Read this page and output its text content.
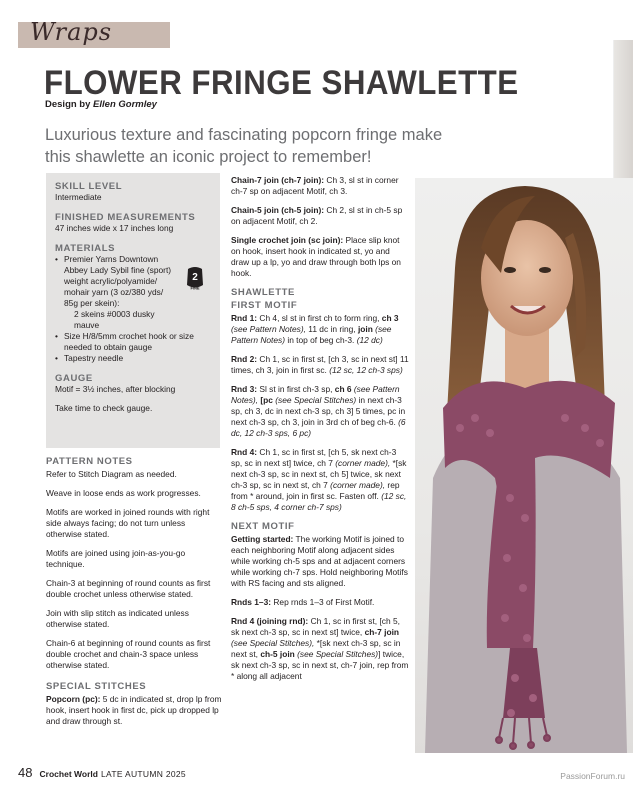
Wraps
FLOWER FRINGE SHAWLETTE
Design by Ellen Gormley

Luxurious texture and fascinating popcorn fringe make this shawlette an iconic project to remember!

SKILL LEVEL
Intermediate
FINISHED MEASUREMENTS
47 inches wide x 17 inches long
MATERIALS
• Premier Yarns Downtown Abbey Lady Sybil fine (sport) weight acrylic/polyamide/ mohair yarn (3 oz/380 yds/ 85g per skein):
2 skeins #0003 dusky mauve
• Size H/8/5mm crochet hook or size needed to obtain gauge
• Tapestry needle
GAUGE
Motif = 3½ inches, after blocking
Take time to check gauge.
2
FINE
PATTERN NOTES

Refer to Stitch Diagram as needed.

Weave in loose ends as work progresses.

Motifs are worked in joined rounds with right side always facing; do not turn unless otherwise stated.

Motifs are joined using join-as-you-go technique.

Chain-3 at beginning of round counts as first double crochet unless otherwise stated.

Join with slip stitch as indicated unless otherwise stated.

Chain-6 at beginning of round counts as first double crochet and chain-3 space unless otherwise stated.

SPECIAL STITCHES

Popcorn (pc): 5 dc in indicated st, drop lp from hook, insert hook in first dc, pick up dropped lp and draw through st.

Chain-7 join (ch-7 join): Ch 3, sl st in corner ch-7 sp on adjacent Motif, ch 3.

Chain-5 join (ch-5 join): Ch 2, sl st in ch-5 sp on adjacent Motif, ch 2.

Single crochet join (sc join): Place slip knot on hook, insert hook in indicated st, yo and draw up a lp, yo and draw through both lps on hook.

SHAWLETTE
FIRST MOTIF

Rnd 1: Ch 4, sl st in first ch to form ring, ch 3 (see Pattern Notes), 11 dc in ring, join (see Pattern Notes) in top of beg ch-3. (12 dc)

Rnd 2: Ch 1, sc in first st, [ch 3, sc in next st] 11 times, ch 3, join in first sc. (12 sc, 12 ch-3 sps)

Rnd 3: Sl st in first ch-3 sp, ch 6 (see Pattern Notes), [pc (see Special Stitches) in next ch-3 sp, ch 3, dc in next ch-3 sp, ch 3] 5 times, pc in next ch-3 sp, ch 3, join in 3rd ch of beg ch-6. (6 dc, 12 ch-3 sps, 6 pc)

Rnd 4: Ch 1, sc in first st, [ch 5, sk next ch-3 sp, sc in next st] twice, ch 7 (corner made), *[sk next ch-3 sp, sc in next st, ch 5] twice, sk next ch-3 sp, sc in next st, ch 7 (corner made), rep from * around, join in first sc. Fasten off. (12 sc, 8 ch-5 sps, 4 corner ch-7 sps)

NEXT MOTIF

Getting started: The working Motif is joined to each neighboring Motif along adjacent sides while working ch-5 sps and at adjacent corners while working ch-7 sps. Hold neighboring Motifs with RS facing and sts aligned.

Rnds 1–3: Rep rnds 1–3 of First Motif.

Rnd 4 (joining rnd): Ch 1, sc in first st, [ch 5, sk next ch-3 sp, sc in next st] twice, ch-7 join (see Special Stitches), *[sk next ch-3 sp, sc in next st, ch-5 join (see Special Stitches)] twice, sk next ch-3 sp, sc in next st, ch-7 join, rep from * along all adjacent

48 Crochet World LATE AUTUMN 2025	PassionForum.ru
